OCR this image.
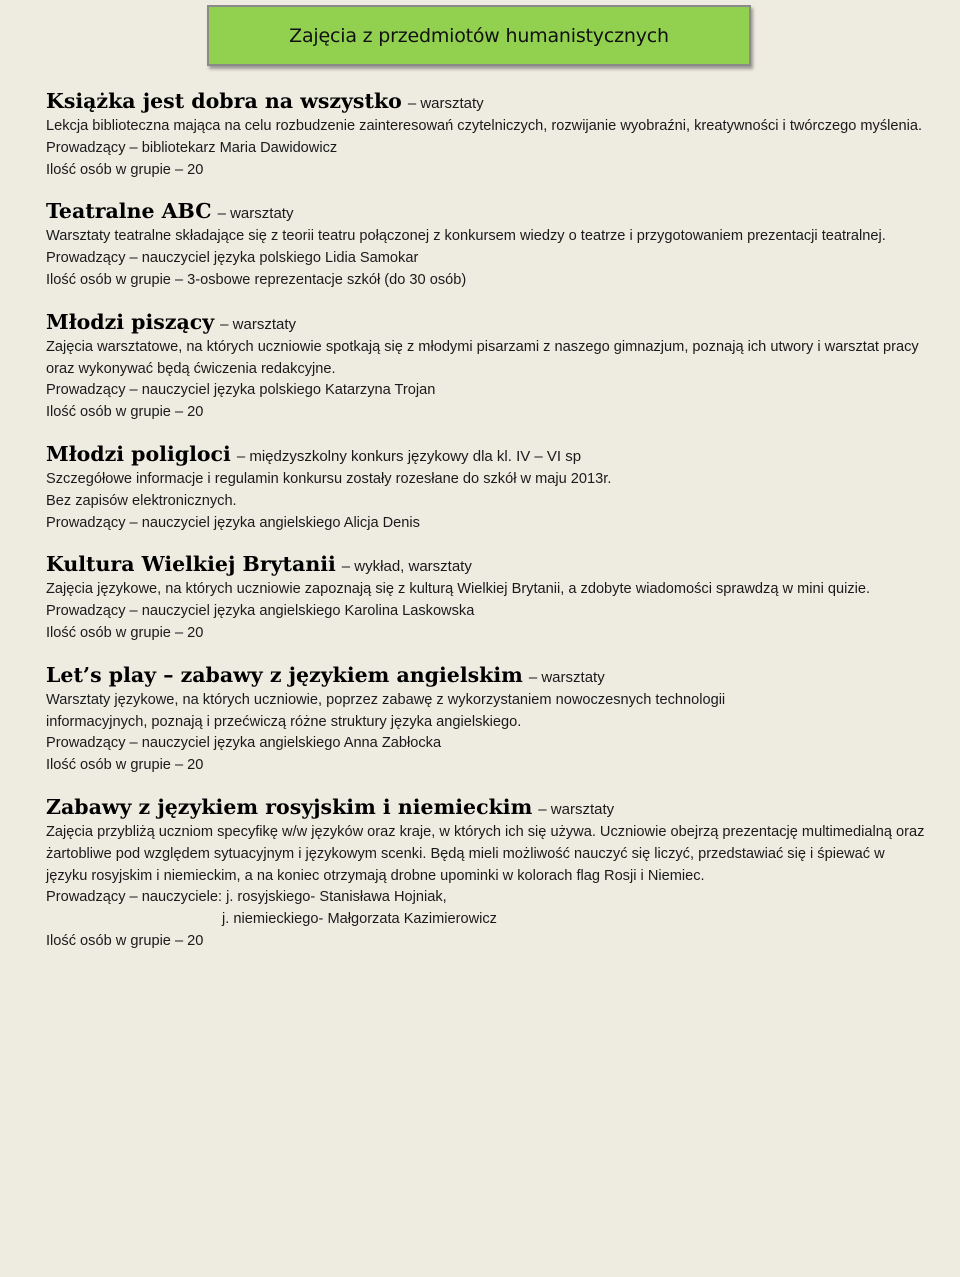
Zajęcia z przedmiotów humanistycznych
Książka jest dobra na wszystko – warsztaty
Lekcja biblioteczna mająca na celu rozbudzenie zainteresowań czytelniczych, rozwijanie wyobraźni, kreatywności i twórczego myślenia.
Prowadzący – bibliotekarz Maria Dawidowicz
Ilość osób w grupie – 20
Teatralne ABC – warsztaty
Warsztaty teatralne składające się z teorii teatru połączonej z konkursem wiedzy o teatrze i przygotowaniem prezentacji teatralnej.
Prowadzący – nauczyciel języka polskiego Lidia Samokar
Ilość osób w grupie – 3-osbowe reprezentacje szkół (do 30 osób)
Młodzi piszący – warsztaty
Zajęcia warsztatowe, na których uczniowie spotkają się z młodymi pisarzami z naszego gimnazjum, poznają ich utwory i warsztat pracy oraz wykonywać będą ćwiczenia redakcyjne.
Prowadzący – nauczyciel języka polskiego Katarzyna Trojan
Ilość osób w grupie – 20
Młodzi poligloci – międzyszkolny konkurs językowy dla kl. IV – VI sp
Szczegółowe informacje i regulamin konkursu zostały rozesłane do szkół w maju 2013r.
Bez zapisów elektronicznych.
Prowadzący – nauczyciel języka angielskiego Alicja Denis
Kultura Wielkiej Brytanii – wykład, warsztaty
Zajęcia językowe, na których uczniowie zapoznają się z kulturą Wielkiej Brytanii, a zdobyte wiadomości sprawdzą w mini quizie.
Prowadzący – nauczyciel języka angielskiego Karolina Laskowska
Ilość osób w grupie – 20
Let’s play – zabawy z językiem angielskim – warsztaty
Warsztaty językowe, na których uczniowie, poprzez zabawę z wykorzystaniem nowoczesnych technologii
informacyjnych, poznają i przećwiczą różne struktury języka angielskiego.
Prowadzący – nauczyciel języka angielskiego Anna Zabłocka
Ilość osób w grupie – 20
Zabawy z językiem rosyjskim i niemieckim – warsztaty
Zajęcia przybliżą uczniom specyfikę w/w języków oraz kraje, w których ich się używa. Uczniowie obejrzą prezentację multimedialną oraz żartobliwe pod względem sytuacyjnym i językowym scenki. Będą mieli możliwość nauczyć się liczyć, przedstawiać się i śpiewać w języku rosyjskim i niemieckim, a na koniec otrzymają drobne upominki w kolorach flag Rosji i Niemiec.
Prowadzący – nauczyciele: j. rosyjskiego- Stanisława Hojniak,
j. niemieckiego- Małgorzata Kazimierowicz
Ilość osób w grupie – 20
